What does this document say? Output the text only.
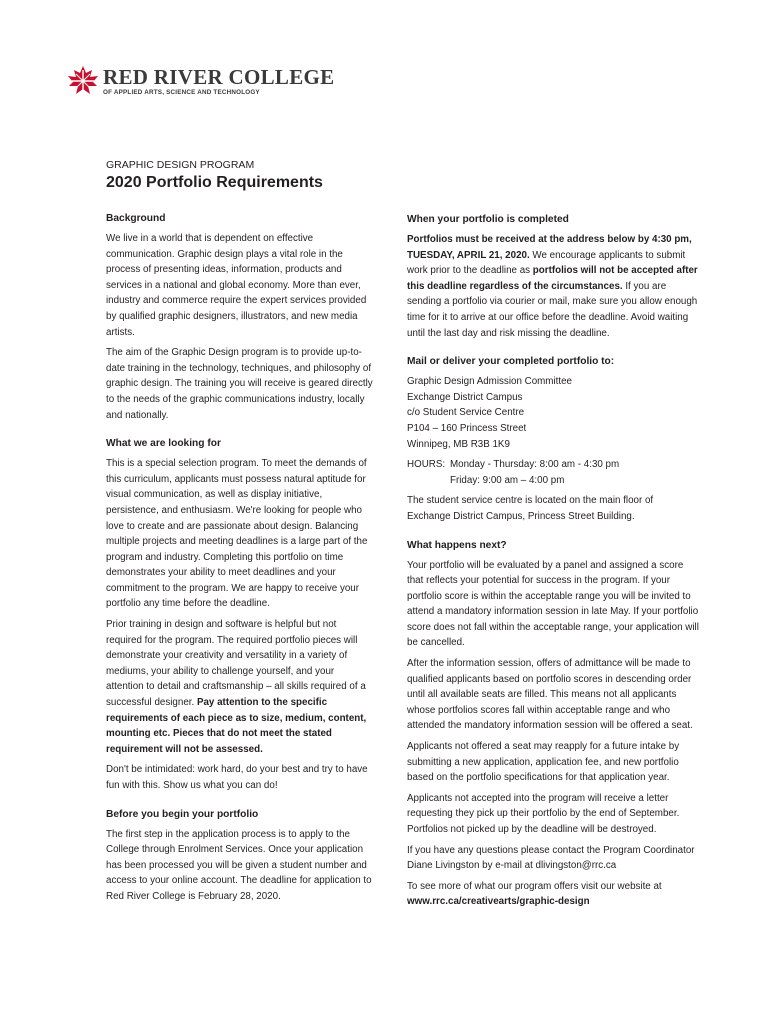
RED RIVER COLLEGE
OF APPLIED ARTS, SCIENCE AND TECHNOLOGY
GRAPHIC DESIGN PROGRAM
2020 Portfolio Requirements
Background

We live in a world that is dependent on effective communication. Graphic design plays a vital role in the process of presenting ideas, information, products and services in a national and global economy. More than ever, industry and commerce require the expert services provided by qualified graphic designers, illustrators, and new media artists.

The aim of the Graphic Design program is to provide up-to-date training in the technology, techniques, and philosophy of graphic design. The training you will receive is geared directly to the needs of the graphic communications industry, locally and nationally.

What we are looking for

This is a special selection program. To meet the demands of this curriculum, applicants must possess natural aptitude for visual communication, as well as display initiative, persistence, and enthusiasm. We're looking for people who love to create and are passionate about design. Balancing multiple projects and meeting deadlines is a large part of the program and industry. Completing this portfolio on time demonstrates your ability to meet deadlines and your commitment to the program. We are happy to receive your portfolio any time before the deadline.

Prior training in design and software is helpful but not required for the program. The required portfolio pieces will demonstrate your creativity and versatility in a variety of mediums, your ability to challenge yourself, and your attention to detail and craftsmanship – all skills required of a successful designer. Pay attention to the specific requirements of each piece as to size, medium, content, mounting etc. Pieces that do not meet the stated requirement will not be assessed.

Don't be intimidated: work hard, do your best and try to have fun with this. Show us what you can do!

Before you begin your portfolio

The first step in the application process is to apply to the College through Enrolment Services. Once your application has been processed you will be given a student number and access to your online account. The deadline for application to Red River College is February 28, 2020.

When your portfolio is completed

Portfolios must be received at the address below by 4:30 pm, TUESDAY, APRIL 21, 2020. We encourage applicants to submit work prior to the deadline as portfolios will not be accepted after this deadline regardless of the circumstances. If you are sending a portfolio via courier or mail, make sure you allow enough time for it to arrive at our office before the deadline. Avoid waiting until the last day and risk missing the deadline.

Mail or deliver your completed portfolio to:

Graphic Design Admission Committee
Exchange District Campus
c/o Student Service Centre
P104 – 160 Princess Street
Winnipeg, MB R3B 1K9

HOURS: Monday - Thursday: 8:00 am - 4:30 pm
Friday: 9:00 am – 4:00 pm

The student service centre is located on the main floor of Exchange District Campus, Princess Street Building.

What happens next?

Your portfolio will be evaluated by a panel and assigned a score that reflects your potential for success in the program. If your portfolio score is within the acceptable range you will be invited to attend a mandatory information session in late May. If your portfolio score does not fall within the acceptable range, your application will be cancelled.

After the information session, offers of admittance will be made to qualified applicants based on portfolio scores in descending order until all available seats are filled. This means not all applicants whose portfolios scores fall within acceptable range and who attended the mandatory information session will be offered a seat.

Applicants not offered a seat may reapply for a future intake by submitting a new application, application fee, and new portfolio based on the portfolio specifications for that application year.

Applicants not accepted into the program will receive a letter requesting they pick up their portfolio by the end of September. Portfolios not picked up by the deadline will be destroyed.

If you have any questions please contact the Program Coordinator Diane Livingston by e-mail at dlivingston@rrc.ca

To see more of what our program offers visit our website at
www.rrc.ca/creativearts/graphic-design
